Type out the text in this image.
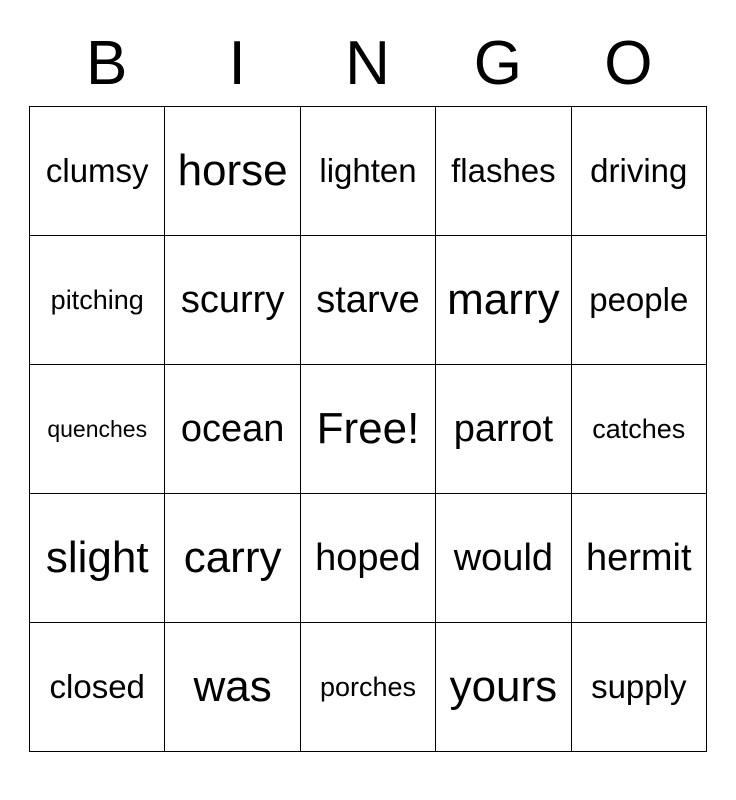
B	I	N	G	O
clumsy	horse	lighten	flashes	driving
pitching	scurry	starve	marry	people
quenches	ocean	Free!	parrot	catches
slight	carry	hoped	would	hermit
closed	was	porches	yours	supply
